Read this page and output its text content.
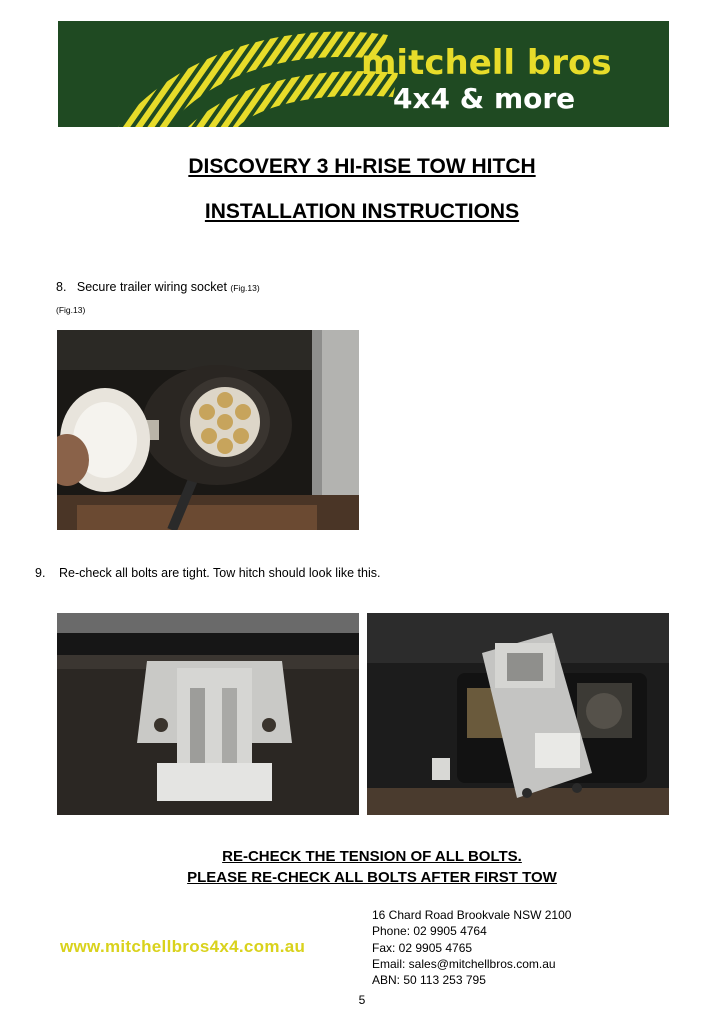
mitchell bros
4x4 & more
DISCOVERY 3 HI-RISE TOW HITCH
INSTALLATION INSTRUCTIONS
8. Secure trailer wiring socket (Fig.13)
(Fig.13)
9. Re-check all bolts are tight. Tow hitch should look like this.
RE-CHECK THE TENSION OF ALL BOLTS.
PLEASE RE-CHECK ALL BOLTS AFTER FIRST TOW
16 Chard Road Brookvale NSW 2100
Phone: 02 9905 4764
Fax: 02 9905 4765
Email: sales@mitchellbros.com.au
ABN: 50 113 253 795
www.mitchellbros4x4.com.au
5
